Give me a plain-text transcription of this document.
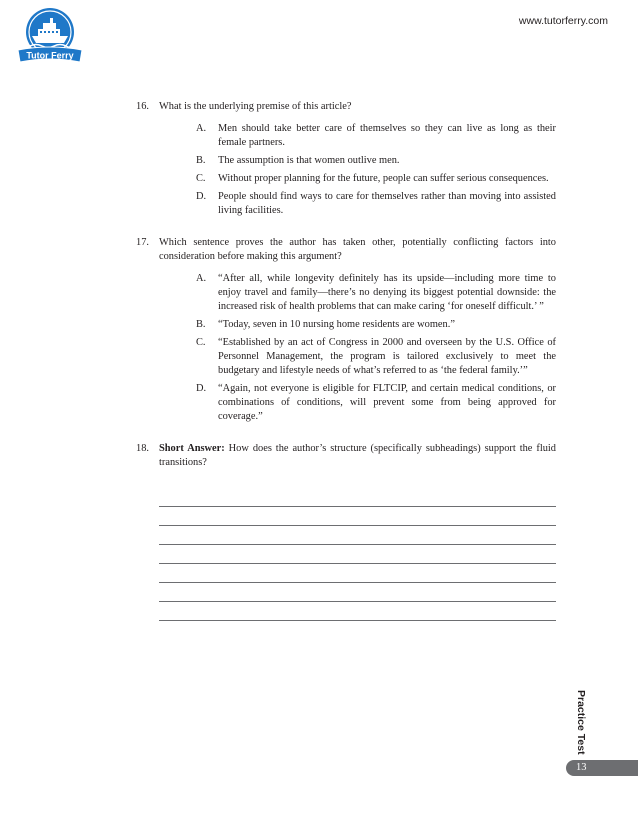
Tutor Ferry
www.tutorferry.com
16. What is the underlying premise of this article?
A. Men should take better care of themselves so they can live as long as their female partners.
B. The assumption is that women outlive men.
C. Without proper planning for the future, people can suffer serious consequences.
D. People should find ways to care for themselves rather than moving into assisted living facilities.
17. Which sentence proves the author has taken other, potentially conflicting factors into consideration before making this argument?
A. “After all, while longevity definitely has its upside—including more time to enjoy travel and family—there’s no denying its biggest potential downside: the increased risk of health problems that can make caring ‘for oneself difficult.’ ”
B. “Today, seven in 10 nursing home residents are women.”
C. “Established by an act of Congress in 2000 and overseen by the U.S. Office of Personnel Management, the program is tailored exclusively to meet the budgetary and lifestyle needs of what’s referred to as ‘the federal family.’”
D. “Again, not everyone is eligible for FLTCIP, and certain medical conditions, or combinations of conditions, will prevent some from being approved for coverage.”
18. Short Answer: How does the author’s structure (specifically subheadings) support the fluid transitions?
Practice Test
13
